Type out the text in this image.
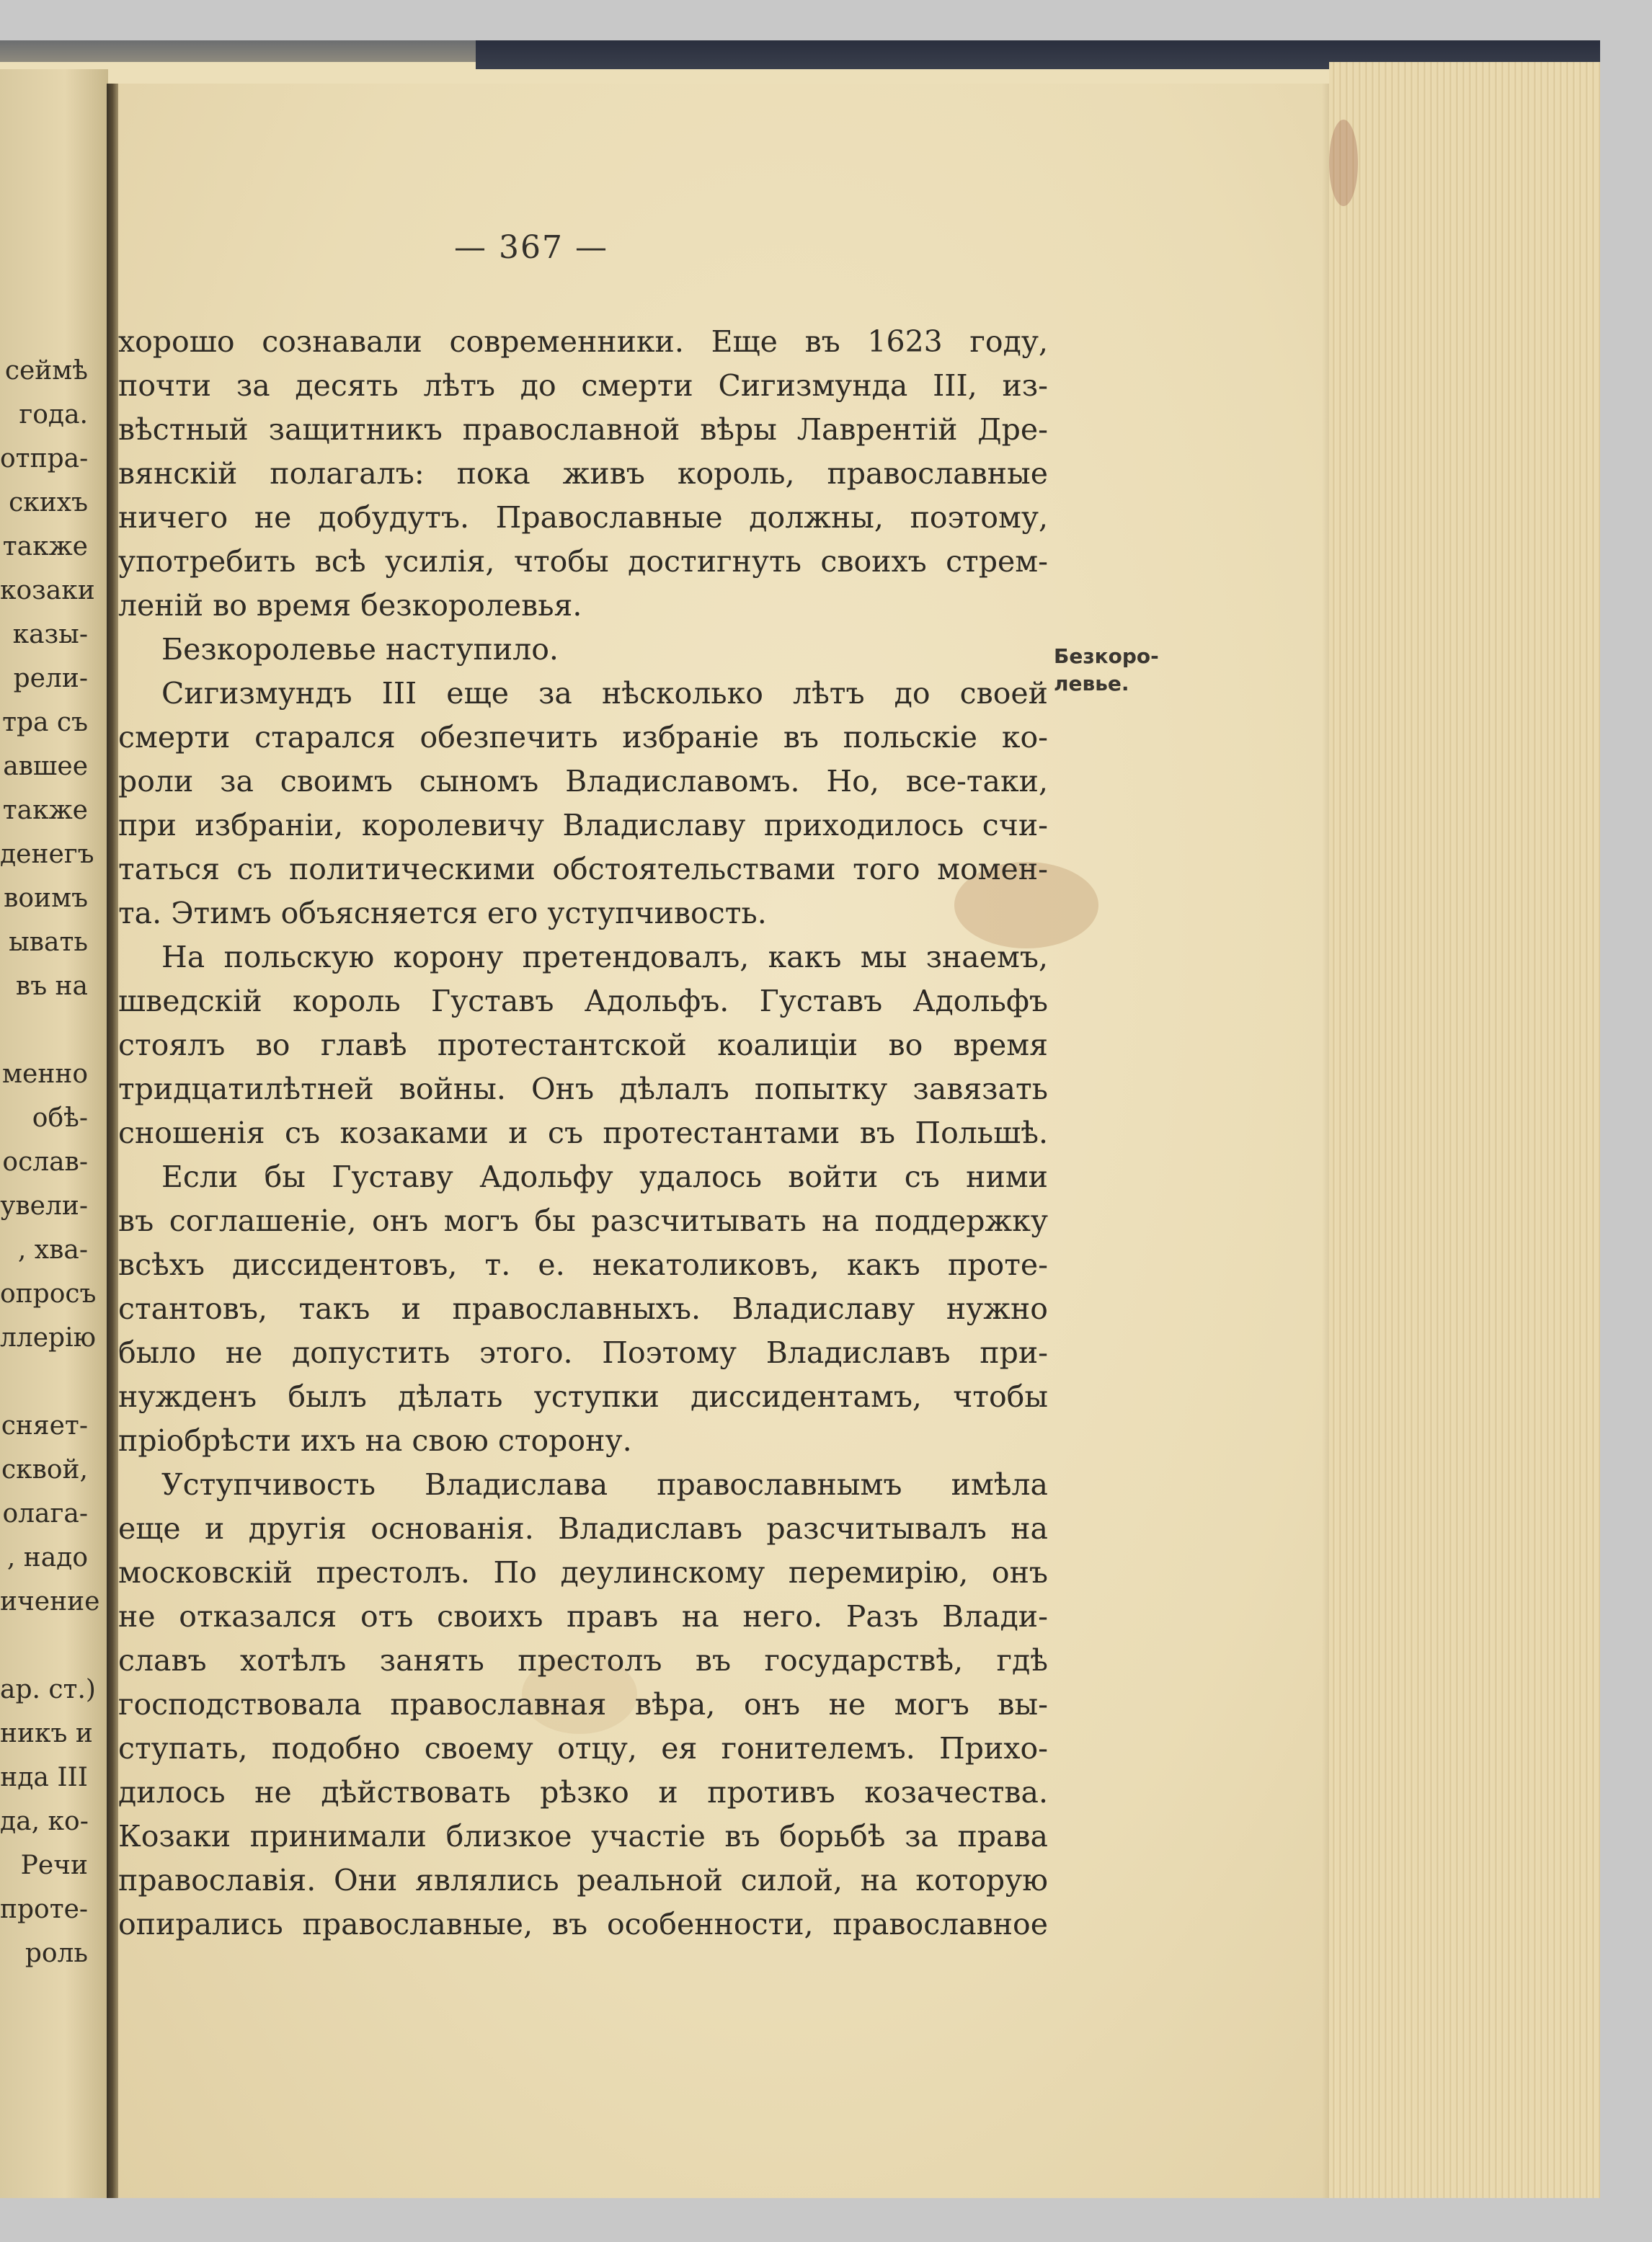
сеймѣ
года.
отпра-
скихъ
также
козаки
казы-
рели-
тра съ
авшее
также
денегъ
воимъ
ывать
въ на
менно
обѣ-
ослав-
увели-
, хва-
опросъ
ллерію
сняет-
сквой,
олага-
, надо
ичение
ар. ст.)
никъ и
нда III
да, ко-
Речи
проте-
роль
— 367 —
хорошо сознавали современники. Еще въ 1623 году,
почти за десять лѣтъ до смерти Сигизмунда III, из-
вѣстный защитникъ православной вѣры Лаврентій Дре-
вянскій полагалъ: пока живъ король, православные
ничего не добудутъ. Православные должны, поэтому,
употребить всѣ усилія, чтобы достигнуть своихъ стрем-
леній во время безкоролевья.
Безкоролевье наступило.
Сигизмундъ III еще за нѣсколько лѣтъ до своей
смерти старался обезпечить избраніе въ польскіе ко-
роли за своимъ сыномъ Владиславомъ. Но, все-таки,
при избраніи, королевичу Владиславу приходилось счи-
таться съ политическими обстоятельствами того момен-
та. Этимъ объясняется его уступчивость.
На польскую корону претендовалъ, какъ мы знаемъ,
шведскій король Густавъ Адольфъ. Густавъ Адольфъ
стоялъ во главѣ протестантской коалиціи во время
тридцатилѣтней войны. Онъ дѣлалъ попытку завязать
сношенія съ козаками и съ протестантами въ Польшѣ.
Если бы Густаву Адольфу удалось войти съ ними
въ соглашеніе, онъ могъ бы разсчитывать на поддержку
всѣхъ диссидентовъ, т. е. некатоликовъ, какъ проте-
стантовъ, такъ и православныхъ. Владиславу нужно
было не допустить этого. Поэтому Владиславъ при-
нужденъ былъ дѣлать уступки диссидентамъ, чтобы
пріобрѣсти ихъ на свою сторону.
Уступчивость Владислава православнымъ имѣла
еще и другія основанія. Владиславъ разсчитывалъ на
московскій престолъ. По деулинскому перемирію, онъ
не отказался отъ своихъ правъ на него. Разъ Влади-
славъ хотѣлъ занять престолъ въ государствѣ, гдѣ
господствовала православная вѣра, онъ не могъ вы-
ступать, подобно своему отцу, ея гонителемъ. Прихо-
дилось не дѣйствовать рѣзко и противъ козачества.
Козаки принимали близкое участіе въ борьбѣ за права
православія. Они являлись реальной силой, на которую
опирались православные, въ особенности, православное
Безкоро-
левье.
